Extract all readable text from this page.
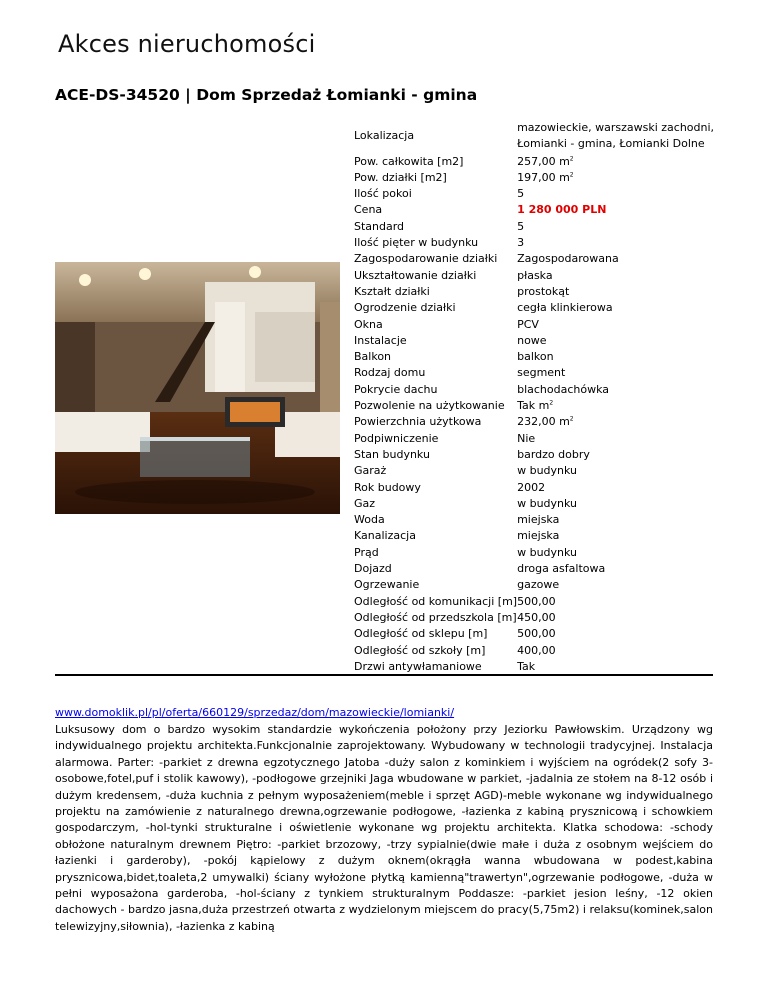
Akces nieruchomości
ACE-DS-34520 | Dom Sprzedaż Łomianki - gmina
Lokalizacja	mazowieckie, warszawski zachodni,
Łomianki - gmina, Łomianki Dolne
Pow. całkowita [m2]	257,00 $m^2$
Pow. działki [m2]	197,00 $m^2$
Ilość pokoi	5
Cena	1 280 000 PLN
Standard	5
Ilość pięter w budynku	3
Zagospodarowanie działki	Zagospodarowana
Ukształtowanie działki	płaska
Kształt działki	prostokąt
Ogrodzenie działki	cegła klinkierowa
Okna	PCV
Instalacje	nowe
Balkon	balkon
Rodzaj domu	segment
Pokrycie dachu	blachodachówka
Pozwolenie na użytkowanie	Tak $m^2$
Powierzchnia użytkowa	232,00 $m^2$
Podpiwniczenie	Nie
Stan budynku	bardzo dobry
Garaż	w budynku
Rok budowy	2002
Gaz	w budynku
Woda	miejska
Kanalizacja	miejska
Prąd	w budynku
Dojazd	droga asfaltowa
Ogrzewanie	gazowe
Odległość od komunikacji [m]	500,00
Odległość od przedszkola [m]	450,00
Odległość od sklepu [m]	500,00
Odległość od szkoły [m]	400,00
Drzwi antywłamaniowe	Tak
www.domoklik.pl/pl/oferta/660129/sprzedaz/dom/mazowieckie/lomianki/

Luksusowy dom o bardzo wysokim standardzie wykończenia położony przy Jeziorku Pawłowskim. Urządzony wg indywidualnego projektu architekta.Funkcjonalnie zaprojektowany. Wybudowany w technologii tradycyjnej. Instalacja alarmowa. Parter: -parkiet z drewna egzotycznego Jatoba -duży salon z kominkiem i wyjściem na ogródek(2 sofy 3-osobowe,fotel,puf i stolik kawowy), -podłogowe grzejniki Jaga wbudowane w parkiet, -jadalnia ze stołem na 8-12 osób i dużym kredensem, -duża kuchnia z pełnym wyposażeniem(meble i sprzęt AGD)-meble wykonane wg indywidualnego projektu na zamówienie z naturalnego drewna,ogrzewanie podłogowe, -łazienka z kabiną prysznicową i schowkiem gospodarczym, -hol-tynki strukturalne i oświetlenie wykonane wg projektu architekta. Klatka schodowa: -schody obłożone naturalnym drewnem Piętro: -parkiet brzozowy, -trzy sypialnie(dwie małe i duża z osobnym wejściem do łazienki i garderoby), -pokój kąpielowy z dużym oknem(okrągła wanna wbudowana w podest,kabina prysznicowa,bidet,toaleta,2 umywalki) ściany wyłożone płytką kamienną"trawertyn",ogrzewanie podłogowe, -duża w pełni wyposażona garderoba, -hol-ściany z tynkiem strukturalnym Poddasze: -parkiet jesion leśny, -12 okien dachowych - bardzo jasna,duża przestrzeń otwarta z wydzielonym miejscem do pracy(5,75m2) i relaksu(kominek,salon telewizyjny,siłownia), -łazienka z kabiną
